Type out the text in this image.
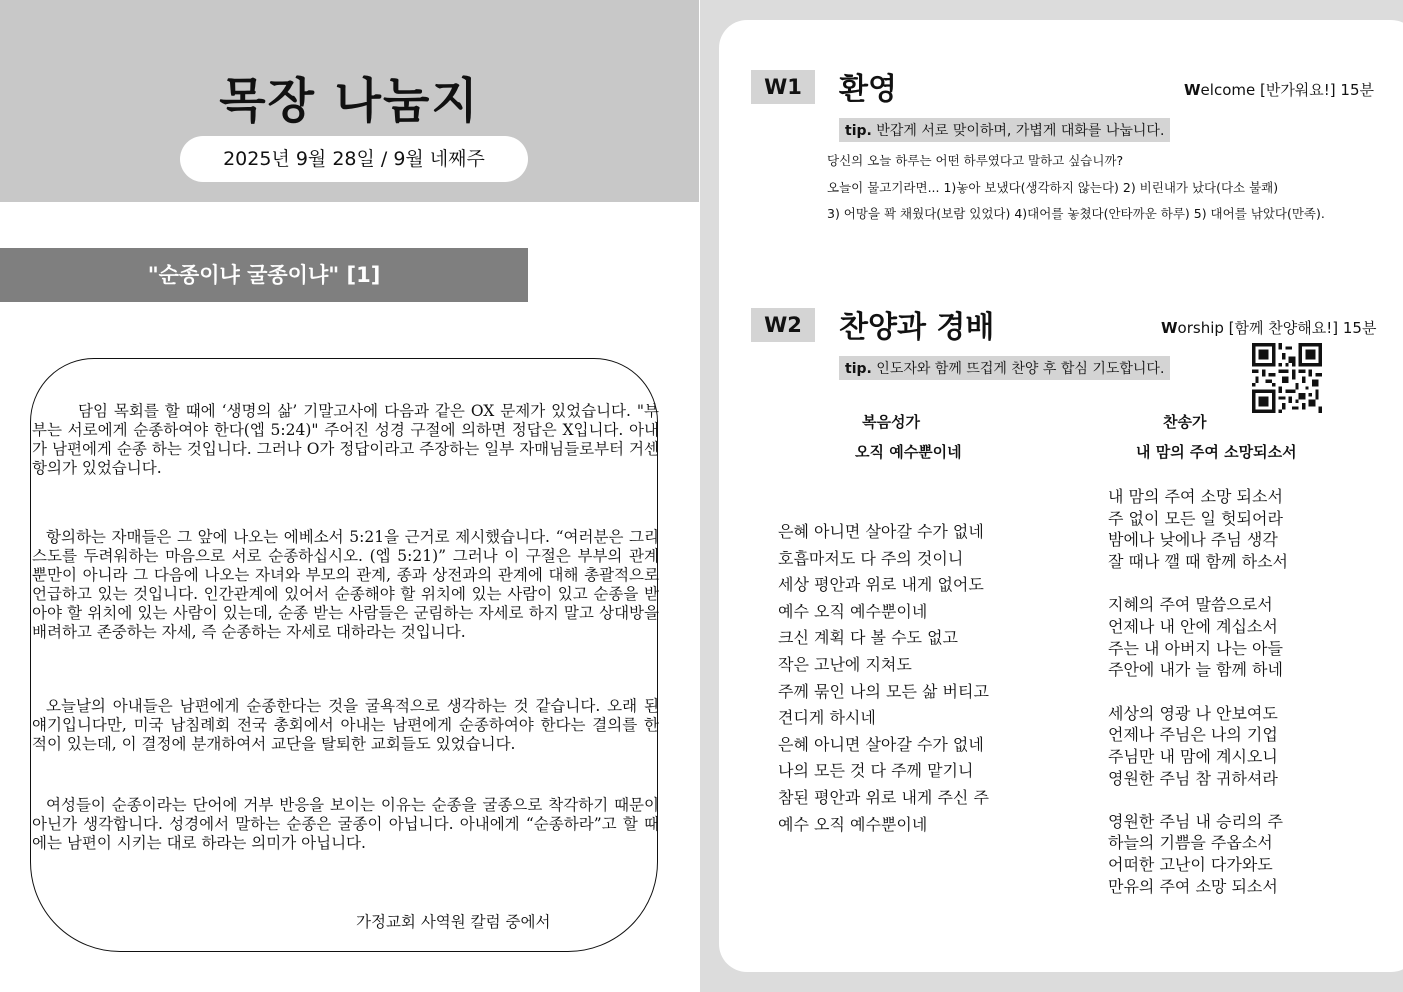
목장 나눔지
2025년 9월 28일 / 9월 네째주
"순종이냐 굴종이냐" [1]
담임 목회를 할 때에 ‘생명의 삶’ 기말고사에 다음과 같은 OX 문제가 있었습니다. "부부는 서로에게 순종하여야 한다(엡 5:24)" 주어진 성경 구절에 의하면 정답은 X입니다. 아내가 남편에게 순종 하는 것입니다. 그러나 O가 정답이라고 주장하는 일부 자매님들로부터 거센 항의가 있었습니다.
항의하는 자매들은 그 앞에 나오는 에베소서 5:21을 근거로 제시했습니다. “여러분은 그리스도를 두려워하는 마음으로 서로 순종하십시오. (엡 5:21)” 그러나 이 구절은 부부의 관계 뿐만이 아니라 그 다음에 나오는 자녀와 부모의 관계, 종과 상전과의 관계에 대해 총괄적으로 언급하고 있는 것입니다. 인간관계에 있어서 순종해야 할 위치에 있는 사람이 있고 순종을 받아야 할 위치에 있는 사람이 있는데, 순종 받는 사람들은 군림하는 자세로 하지 말고 상대방을 배려하고 존중하는 자세, 즉 순종하는 자세로 대하라는 것입니다.
오늘날의 아내들은 남편에게 순종한다는 것을 굴욕적으로 생각하는 것 같습니다. 오래 된 얘기입니다만, 미국 남침례회 전국 총회에서 아내는 남편에게 순종하여야 한다는 결의를 한 적이 있는데, 이 결정에 분개하여서 교단을 탈퇴한 교회들도 있었습니다.
여성들이 순종이라는 단어에 거부 반응을 보이는 이유는 순종을 굴종으로 착각하기 때문이 아닌가 생각합니다. 성경에서 말하는 순종은 굴종이 아닙니다. 아내에게 “순종하라”고 할 때에는 남편이 시키는 대로 하라는 의미가 아닙니다.
가정교회 사역원 칼럼 중에서
W1	환영	Welcome [반가워요!] 15분
tip. 반갑게 서로 맞이하며, 가볍게 대화를 나눕니다.
당신의 오늘 하루는 어떤 하루였다고 말하고 싶습니까?
오늘이 물고기라면... 1)놓아 보냈다(생각하지 않는다) 2) 비린내가 났다(다소 불쾌)
3) 어망을 꽉 채웠다(보람 있었다) 4)대어를 놓쳤다(안타까운 하루) 5) 대어를 낚았다(만족).
W2	찬양과 경배	Worship [함께 찬양해요!] 15분
tip. 인도자와 함께 뜨겁게 찬양 후 합심 기도합니다.
복음성가
오직 예수뿐이네
찬송가
내 맘의 주여 소망되소서
은혜 아니면 살아갈 수가 없네
호흡마저도 다 주의 것이니
세상 평안과 위로 내게 없어도
예수 오직 예수뿐이네
크신 계획 다 볼 수도 없고
작은 고난에 지쳐도
주께 묶인 나의 모든 삶 버티고
견디게 하시네
은혜 아니면 살아갈 수가 없네
나의 모든 것 다 주께 맡기니
참된 평안과 위로 내게 주신 주
예수 오직 예수뿐이네
내 맘의 주여 소망 되소서
주 없이 모든 일 헛되어라
밤에나 낮에나 주님 생각
잘 때나 깰 때 함께 하소서
지혜의 주여 말씀으로서
언제나 내 안에 계십소서
주는 내 아버지 나는 아들
주안에 내가 늘 함께 하네
세상의 영광 나 안보여도
언제나 주님은 나의 기업
주님만 내 맘에 계시오니
영원한 주님 참 귀하셔라
영원한 주님 내 승리의 주
하늘의 기쁨을 주옵소서
어떠한 고난이 다가와도
만유의 주여 소망 되소서
